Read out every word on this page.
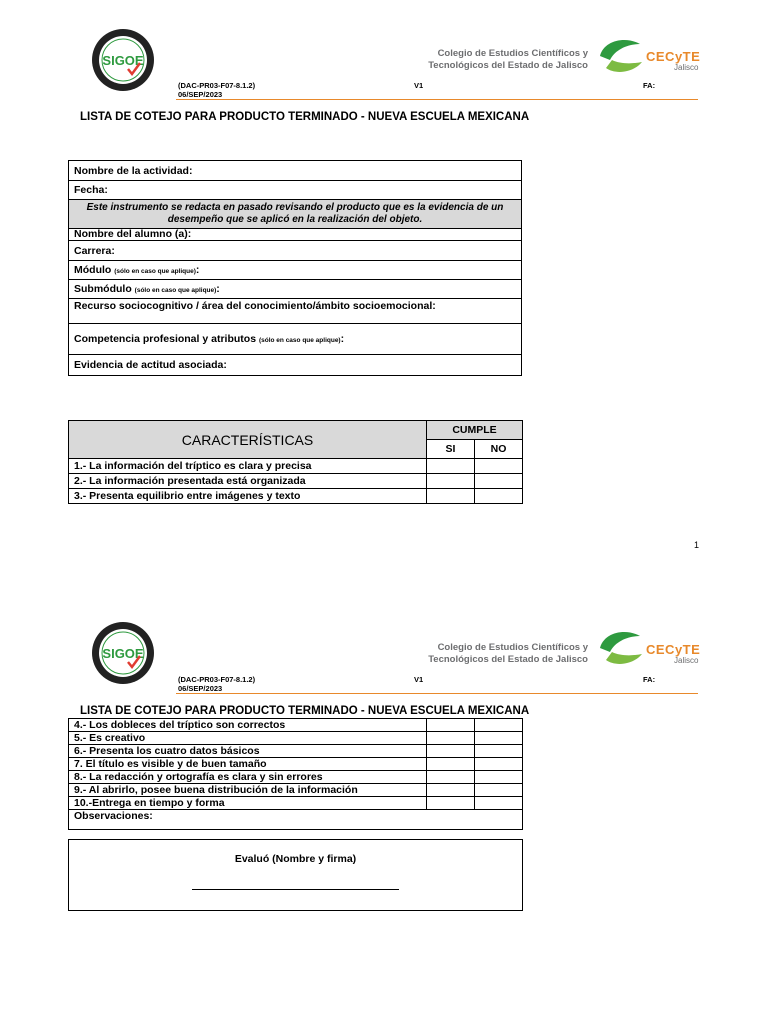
SIGOE	Colegio de Estudios Científicos y
Tecnológicos del Estado de Jalisco
CECyTE
Jalisco
(DAC-PR03-F07-8.1.2)
06/SEP/2023
V1	FA:
LISTA DE COTEJO PARA PRODUCTO TERMINADO - NUEVA ESCUELA MEXICANA
Nombre de la actividad:
Fecha:
Este instrumento se redacta en pasado revisando el producto que es la evidencia de un desempeño que se aplicó en la realización del objeto.
Nombre del alumno (a):
Carrera:
Módulo (sólo en caso que aplique):
Submódulo (sólo en caso que aplique):
Recurso sociocognitivo / área del conocimiento/ámbito socioemocional:
Competencia profesional y atributos (sólo en caso que aplique):
Evidencia de actitud asociada:
CARACTERÍSTICAS	CUMPLE	
	SI	NO
1.- La información del tríptico es clara y precisa		
2.- La información presentada está organizada		
3.- Presenta equilibrio entre imágenes y texto		
1
SIGOE	Colegio de Estudios Científicos y
Tecnológicos del Estado de Jalisco
CECyTE
Jalisco
(DAC-PR03-F07-8.1.2)
06/SEP/2023
V1	FA:
LISTA DE COTEJO PARA PRODUCTO TERMINADO - NUEVA ESCUELA MEXICANA
4.- Los dobleces del tríptico son correctos		
5.- Es creativo		
6.- Presenta los cuatro datos básicos		
7. El título es visible y de buen tamaño		
8.- La redacción y ortografía es clara y sin errores		
9.- Al abrirlo, posee buena distribución de la información		
10.-Entrega en tiempo y forma		
Observaciones:		
Evaluó (Nombre y firma)
